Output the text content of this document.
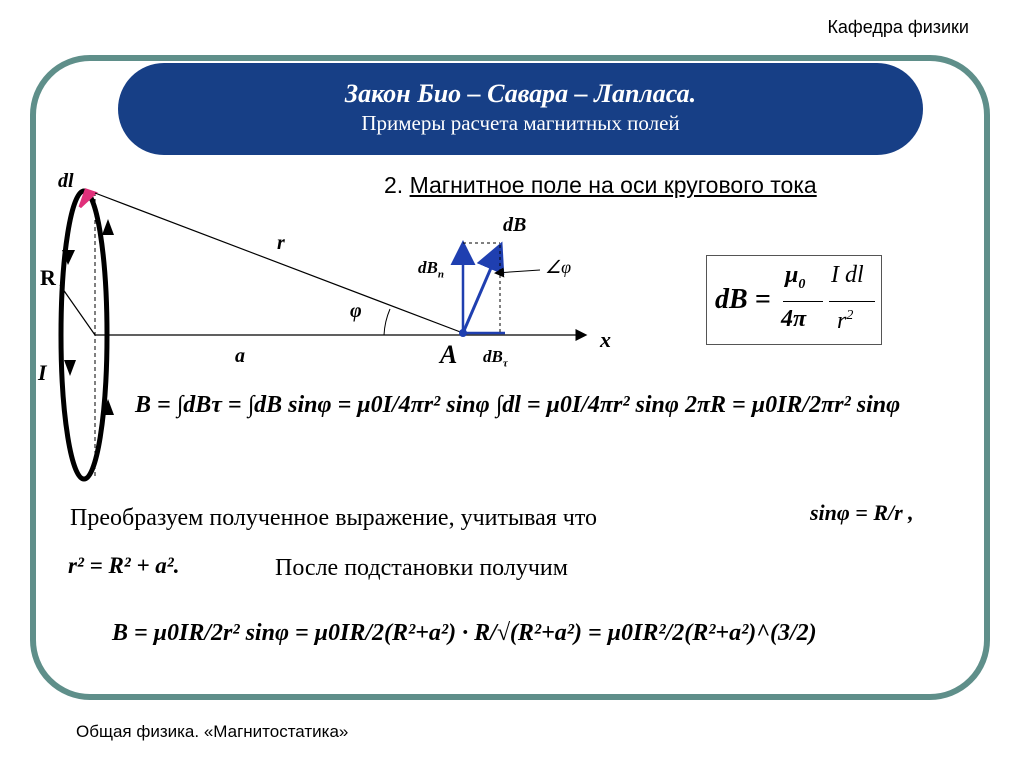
Кафедра физики
Закон Био – Савара – Лапласа.
Примеры расчета магнитных полей
2. Магнитное поле на оси кругового тока
dl
R
I
r
φ
a	A
x
dB
$dB_n$
$dB_\tau$
∠φ
dB =
$\mu_0$
4π
I dl
$r^2$
B = ∫dBτ = ∫dB sinφ = μ0I/4πr² sinφ ∫dl = μ0I/4πr² sinφ 2πR = μ0IR/2πr² sinφ
Преобразуем полученное выражение, учитывая что	sinφ = R/r ,
r² = R² + a².	После подстановки получим
B = μ0IR/2r² sinφ = μ0IR/2(R²+a²) · R/√(R²+a²) = μ0IR²/2(R²+a²)^(3/2)
Общая физика. «Магнитостатика»
